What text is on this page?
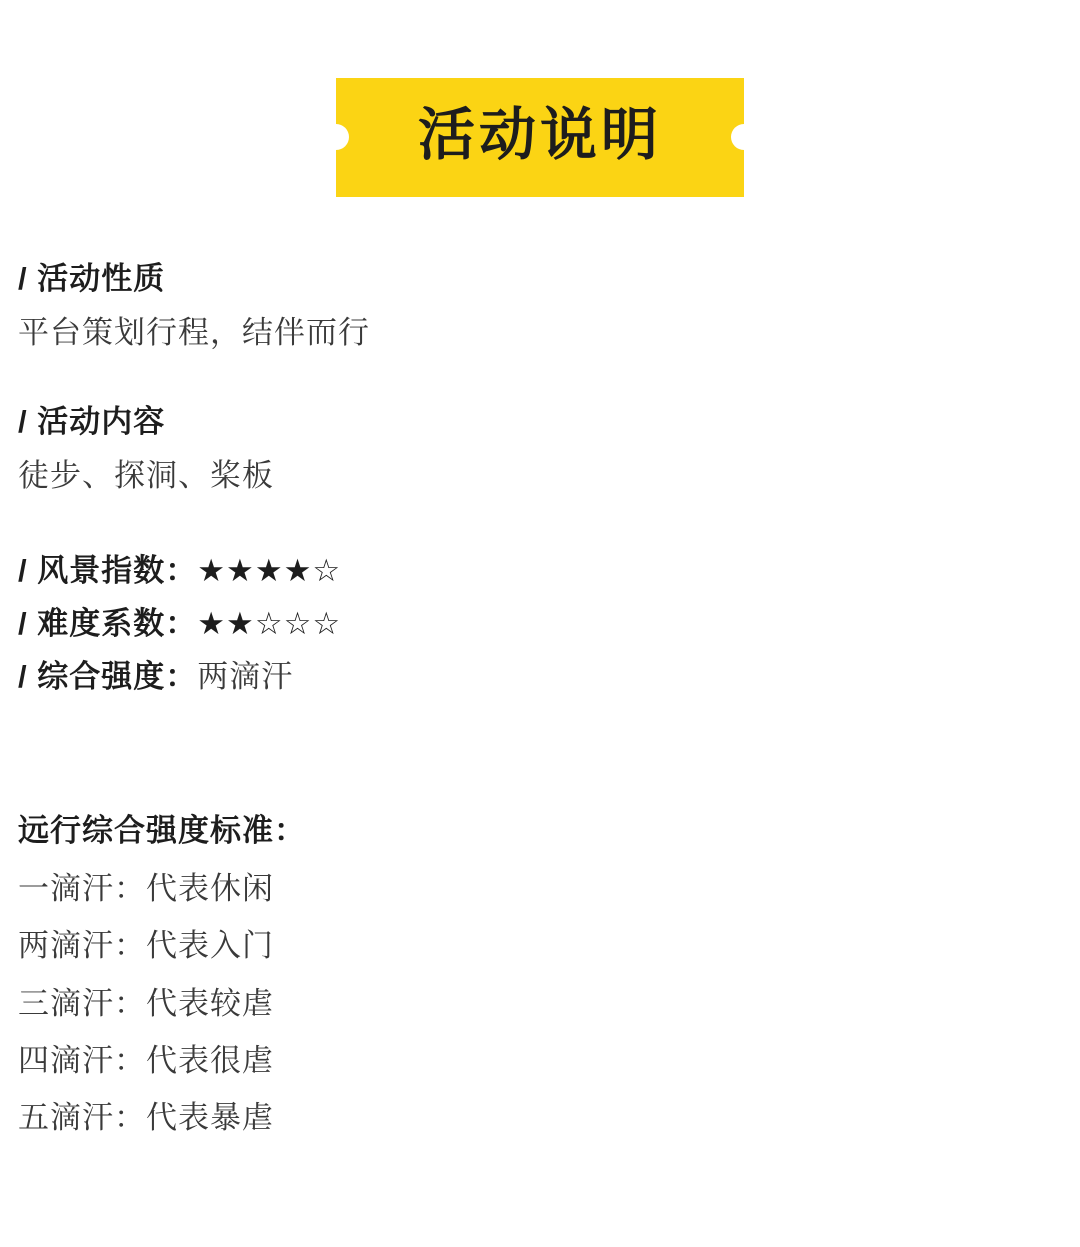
活动说明
/ 活动性质
平台策划行程，结伴而行
/ 活动内容
徒步、探洞、桨板
/ 风景指数：★★★★☆
/ 难度系数：★★☆☆☆
/ 综合强度：两滴汗
远行综合强度标准：
一滴汗：代表休闲
两滴汗：代表入门
三滴汗：代表较虐
四滴汗：代表很虐
五滴汗：代表暴虐
